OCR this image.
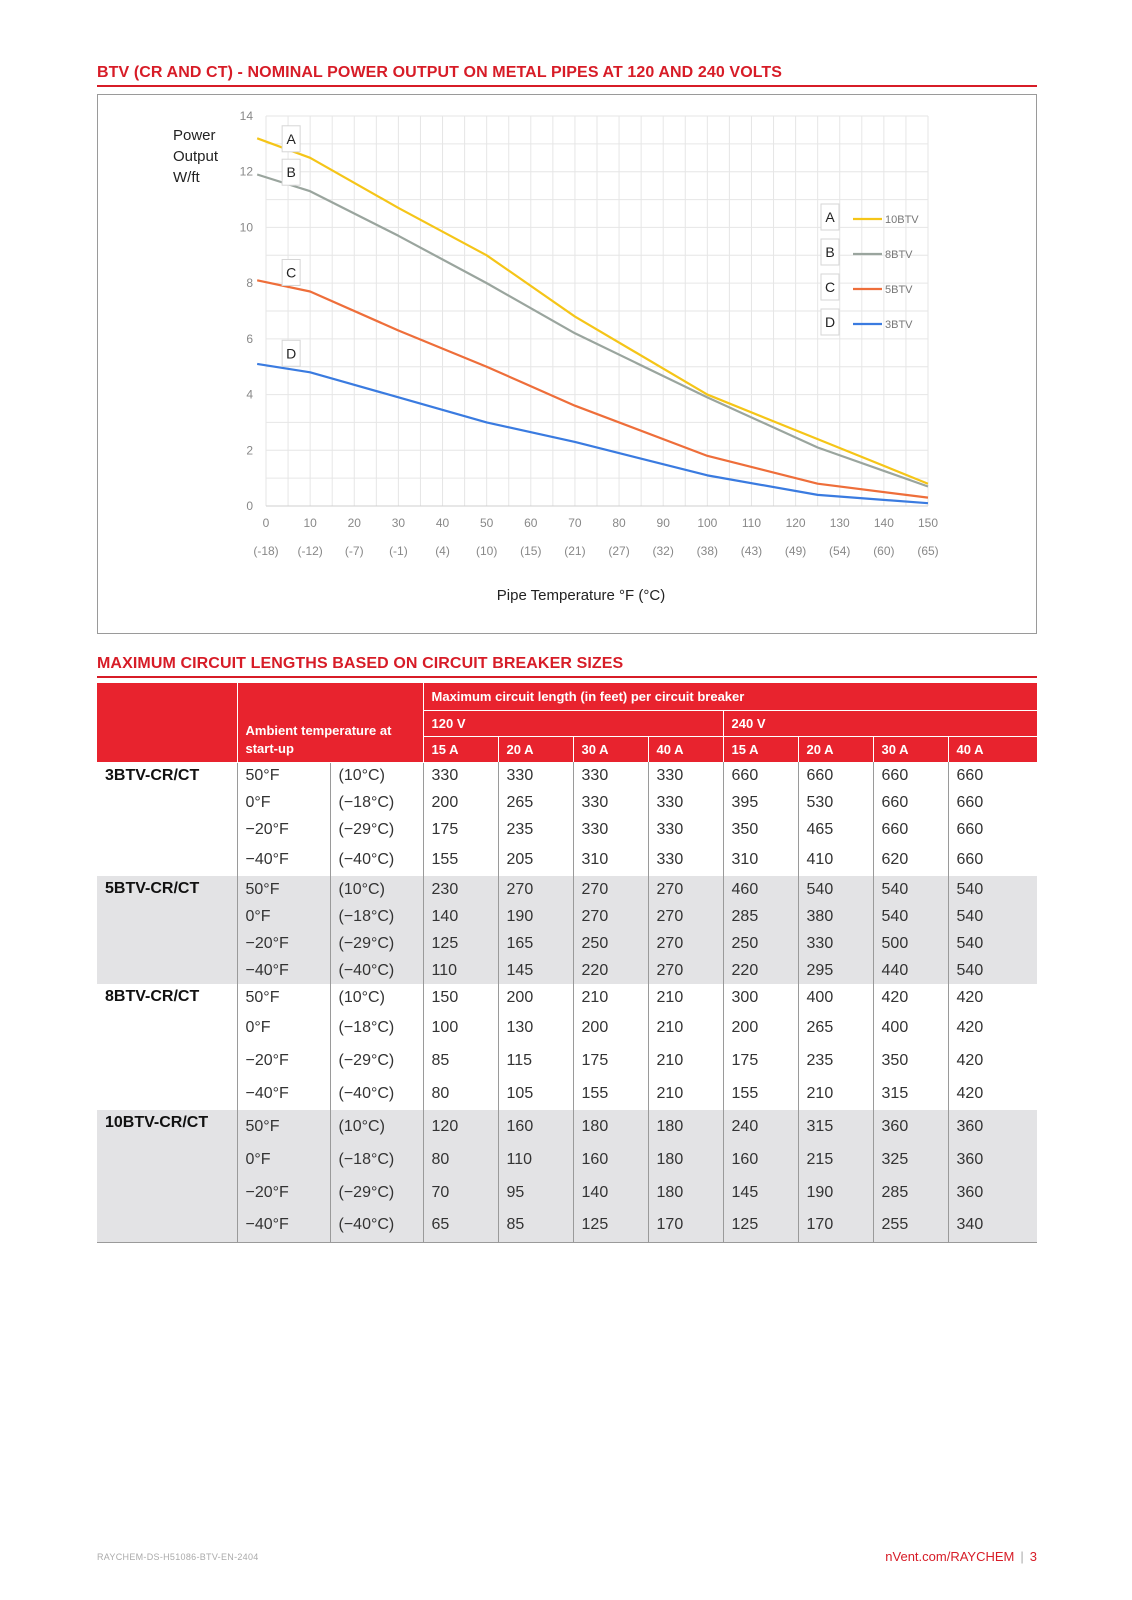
BTV (CR AND CT) - NOMINAL POWER OUTPUT ON METAL PIPES AT 120 AND 240 VOLTS
0
2
4
6
8
10
12
14
0	10	20	30	40	50	60	70	80	90 100 110 120 130 140 150
(-18) (-12) (-7) (-1) (4) (10) (15) (21) (27) (32) (38) (43) (49) (54) (60) (65)
Power
Output
W/ft
Pipe Temperature °F (°C)
A
B
C
D
A	10BTV
B	8BTV
C	5BTV
D	3BTV
MAXIMUM CIRCUIT LENGTHS BASED ON CIRCUIT BREAKER SIZES
	Ambient temperature at start-up		Maximum circuit length (in feet) per circuit breaker							
			120 V				240 V			
			15 A	20 A	30 A	40 A	15 A	20 A	30 A	40 A
3BTV-CR/CT	50°F	(10°C)	330	330	330	330	660	660	660	660
	0°F	(−18°C)	200	265	330	330	395	530	660	660
	−20°F	(−29°C)	175	235	330	330	350	465	660	660
	−40°F	(−40°C)	155	205	310	330	310	410	620	660
5BTV-CR/CT	50°F	(10°C)	230	270	270	270	460	540	540	540
	0°F	(−18°C)	140	190	270	270	285	380	540	540
	−20°F	(−29°C)	125	165	250	270	250	330	500	540
	−40°F	(−40°C)	110	145	220	270	220	295	440	540
8BTV-CR/CT	50°F	(10°C)	150	200	210	210	300	400	420	420
	0°F	(−18°C)	100	130	200	210	200	265	400	420
	−20°F	(−29°C)	85	115	175	210	175	235	350	420
	−40°F	(−40°C)	80	105	155	210	155	210	315	420
10BTV-CR/CT	50°F	(10°C)	120	160	180	180	240	315	360	360
	0°F	(−18°C)	80	110	160	180	160	215	325	360
	−20°F	(−29°C)	70	95	140	180	145	190	285	360
	−40°F	(−40°C)	65	85	125	170	125	170	255	340
RAYCHEM-DS-H51086-BTV-EN-2404	nVent.com/RAYCHEM | 3
